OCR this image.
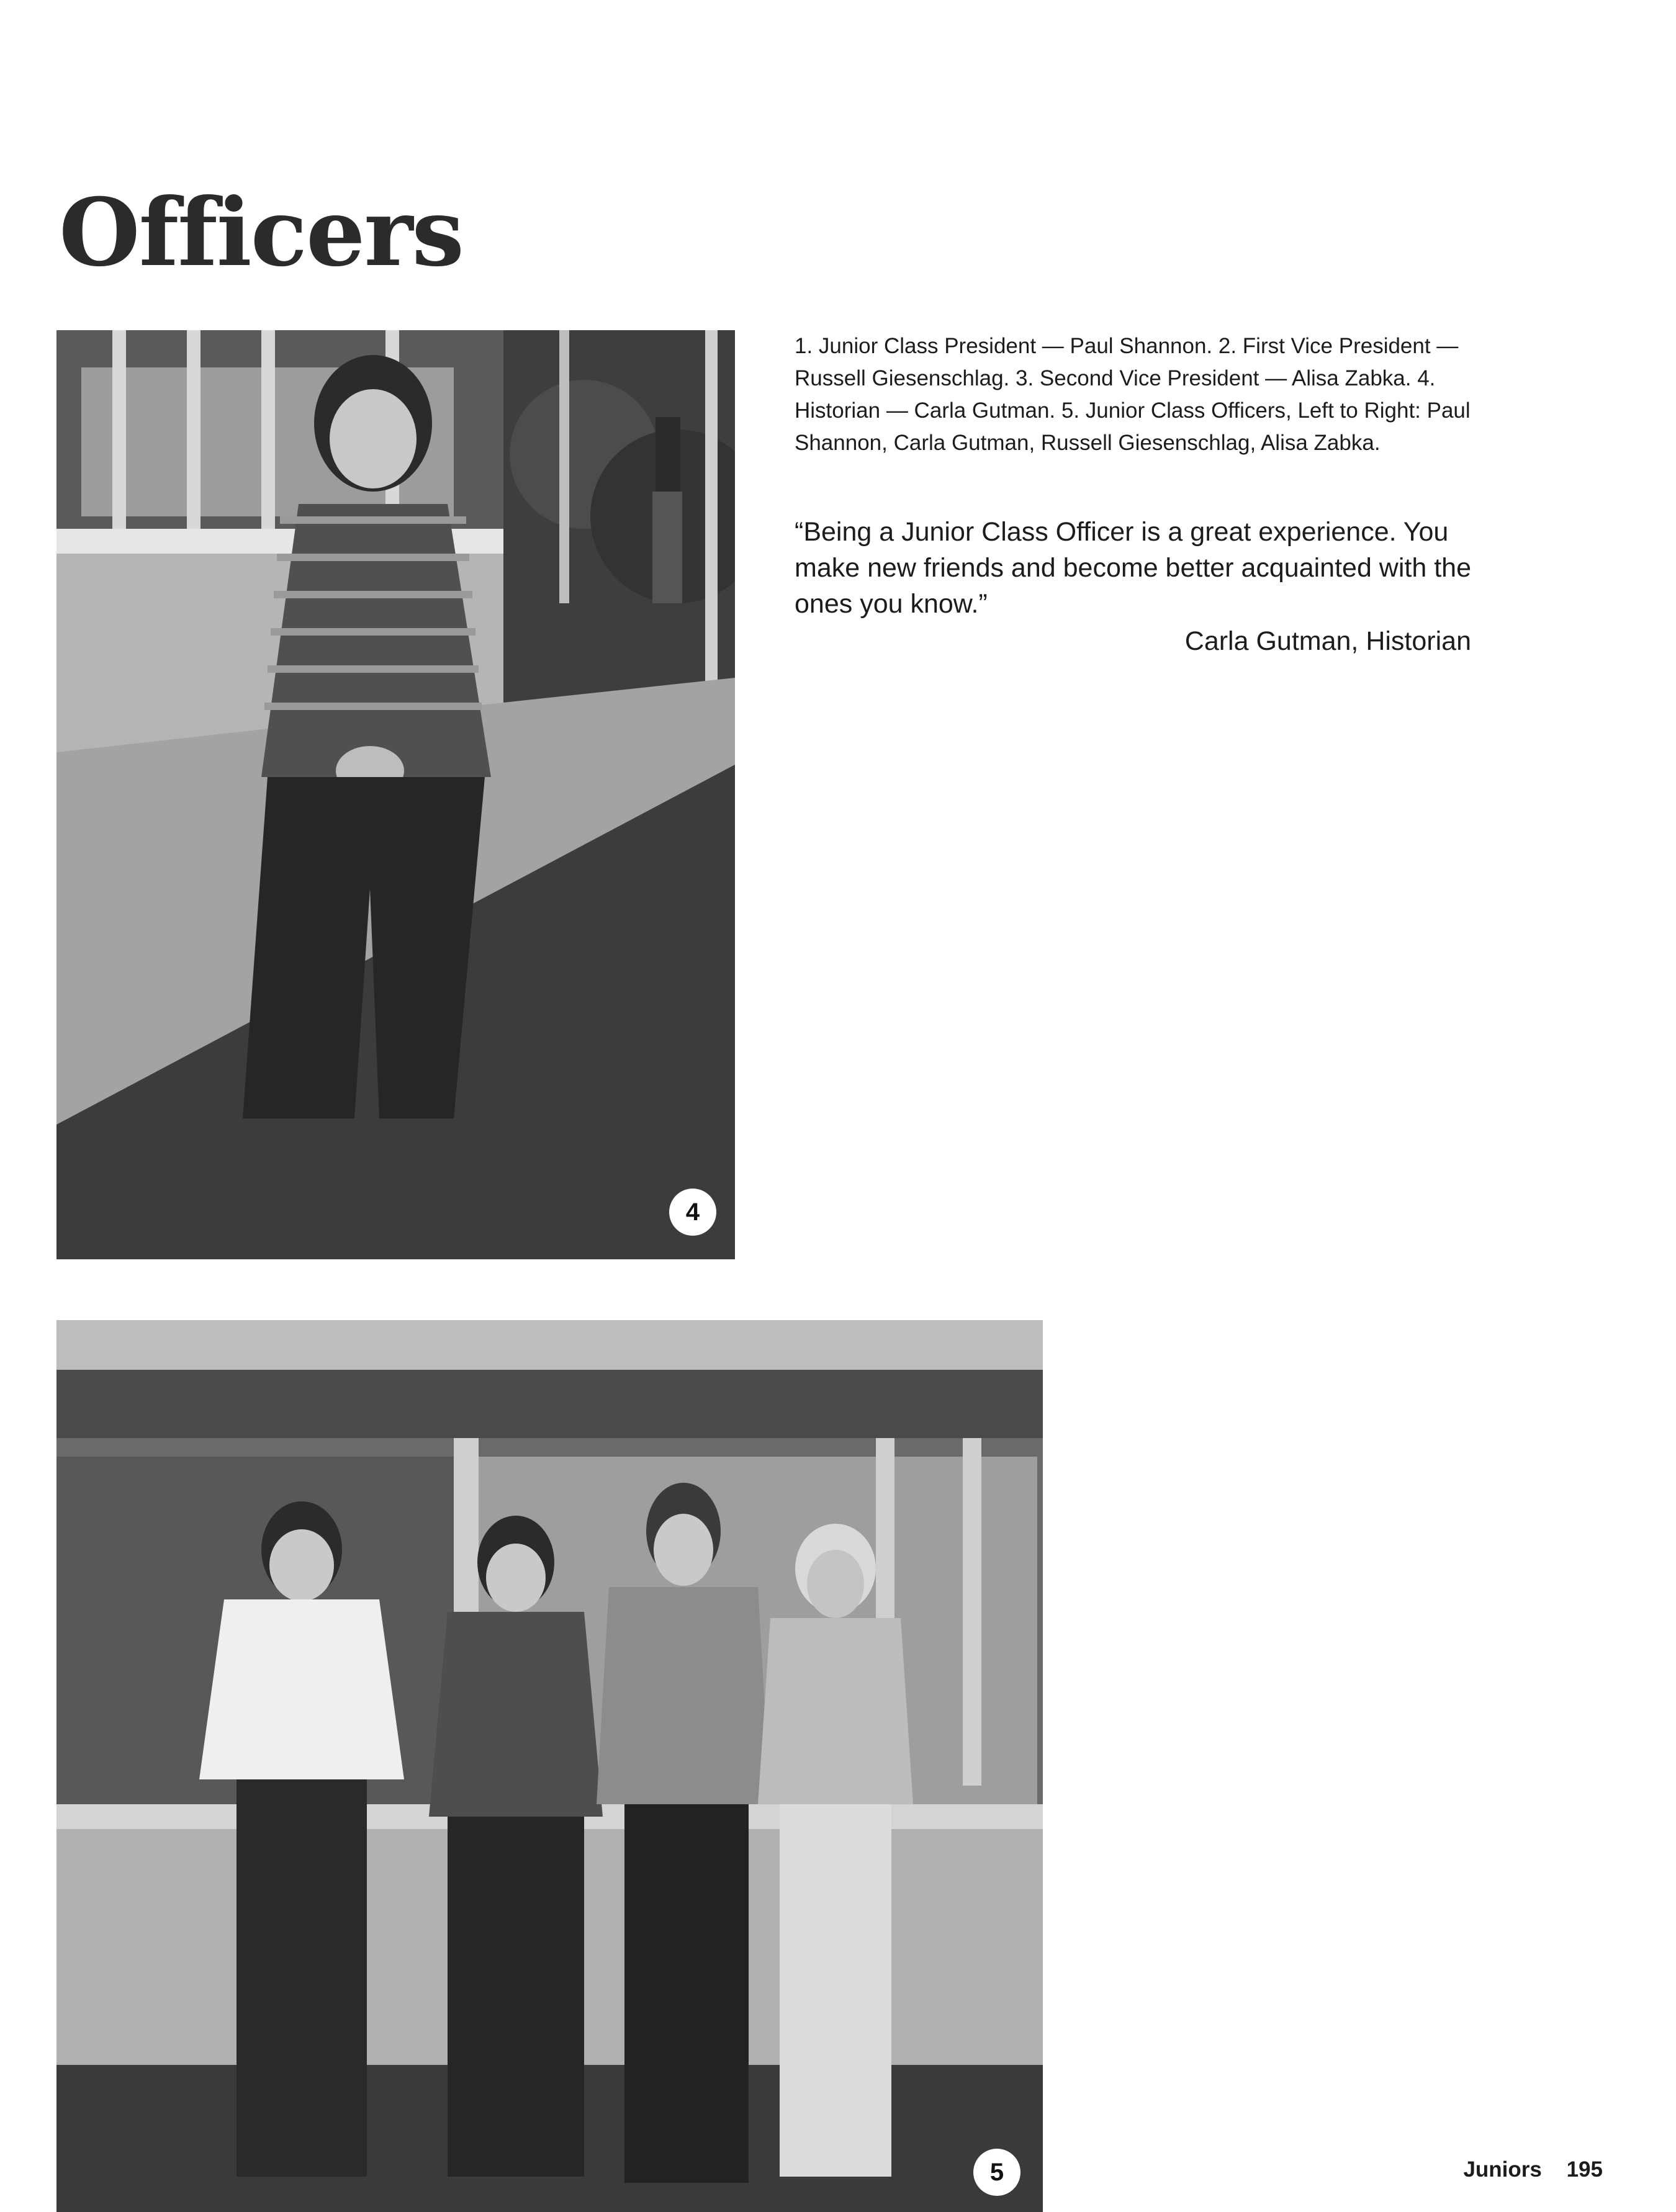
Officers
4
1. Junior Class President — Paul Shannon. 2. First Vice President — Russell Giesenschlag. 3. Second Vice President — Alisa Zabka. 4. Historian — Carla Gutman. 5. Junior Class Officers, Left to Right: Paul Shannon, Carla Gutman, Russell Giesenschlag, Alisa Zabka.
“Being a Junior Class Officer is a great experience. You make new friends and become better acquainted with the ones you know.”
Carla Gutman, Historian
5	Juniors 195
